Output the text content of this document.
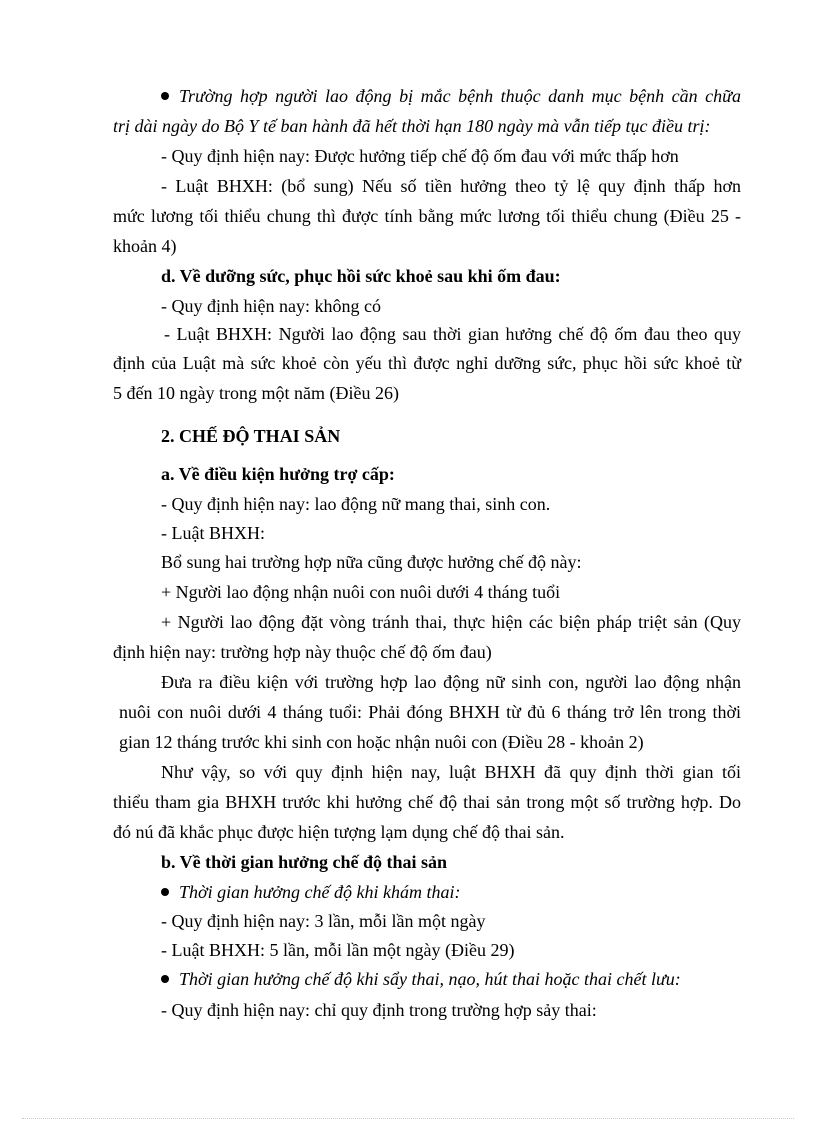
Trường hợp người lao động bị mắc bệnh thuộc danh mục bệnh cần chữa
trị dài ngày do Bộ Y tế ban hành đã hết thời hạn 180 ngày mà vẫn tiếp tục điều trị:
- Quy định hiện nay: Được hưởng tiếp chế độ ốm đau với mức thấp hơn
- Luật BHXH: (bổ sung) Nếu số tiền hưởng theo tỷ lệ quy định thấp hơn
mức lương tối thiểu chung thì được tính bằng mức lương tối thiểu chung (Điều 25 -
khoản 4)
d. Về dưỡng sức, phục hồi sức khoẻ sau khi ốm đau:
- Quy định hiện nay: không có
- Luật BHXH: Người lao động sau thời gian hưởng chế độ ốm đau theo quy
định của Luật mà sức khoẻ còn yếu thì được nghỉ dưỡng sức, phục hồi sức khoẻ từ
5 đến 10 ngày trong một năm (Điều 26)
2. CHẾ ĐỘ THAI SẢN
a. Về điều kiện hưởng trợ cấp:
- Quy định hiện nay: lao động nữ mang thai, sinh con.
- Luật BHXH:
Bổ sung hai trường hợp nữa cũng được hưởng chế độ này:
+ Người lao động nhận nuôi con nuôi dưới 4 tháng tuổi
+ Người lao động đặt vòng tránh thai, thực hiện các biện pháp triệt sản (Quy
định hiện nay: trường hợp này thuộc chế độ ốm đau)
Đưa ra điều kiện với trường hợp lao động nữ sinh con, người lao động nhận
nuôi con nuôi dưới 4 tháng tuổi: Phải đóng BHXH từ đủ 6 tháng trở lên trong thời
gian 12 tháng trước khi sinh con hoặc nhận nuôi con (Điều 28 - khoản 2)
Như vậy, so với quy định hiện nay, luật BHXH đã quy định thời gian tối
thiểu tham gia BHXH trước khi hưởng chế độ thai sản trong một số trường hợp. Do
đó nú đã khắc phục được hiện tượng lạm dụng chế độ thai sản.
b. Về thời gian hưởng chế độ thai sản
Thời gian hưởng chế độ khi khám thai:
- Quy định hiện nay: 3 lần, mỗi lần một ngày
- Luật BHXH: 5 lần, mỗi lần một ngày (Điều 29)
Thời gian hưởng chế độ khi sẩy thai, nạo, hút thai hoặc thai chết lưu:
- Quy định hiện nay: chỉ quy định trong trường hợp sảy thai:
